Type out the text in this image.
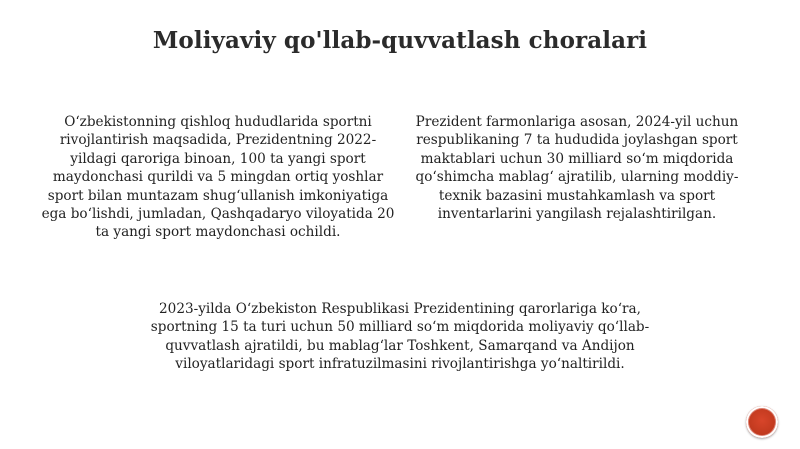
Moliyaviy qo'llab-quvvatlash choralari

O‘zbekistonning qishloq hududlarida sportni rivojlantirish maqsadida, Prezidentning 2022-yildagi qaroriga binoan, 100 ta yangi sport maydonchasi qurildi va 5 mingdan ortiq yoshlar sport bilan muntazam shug‘ullanish imkoniyatiga ega bo‘lishdi, jumladan, Qashqadaryo viloyatida 20 ta yangi sport maydonchasi ochildi.

Prezident farmonlariga asosan, 2024-yil uchun respublikaning 7 ta hududida joylashgan sport maktablari uchun 30 milliard so‘m miqdorida qo‘shimcha mablag‘ ajratilib, ularning moddiy-texnik bazasini mustahkamlash va sport inventarlarini yangilash rejalashtirilgan.

2023-yilda O‘zbekiston Respublikasi Prezidentining qarorlariga ko‘ra, sportning 15 ta turi uchun 50 milliard so‘m miqdorida moliyaviy qo‘llab-quvvatlash ajratildi, bu mablag‘lar Toshkent, Samarqand va Andijon viloyatlaridagi sport infratuzilmasini rivojlantirishga yo‘naltirildi.
